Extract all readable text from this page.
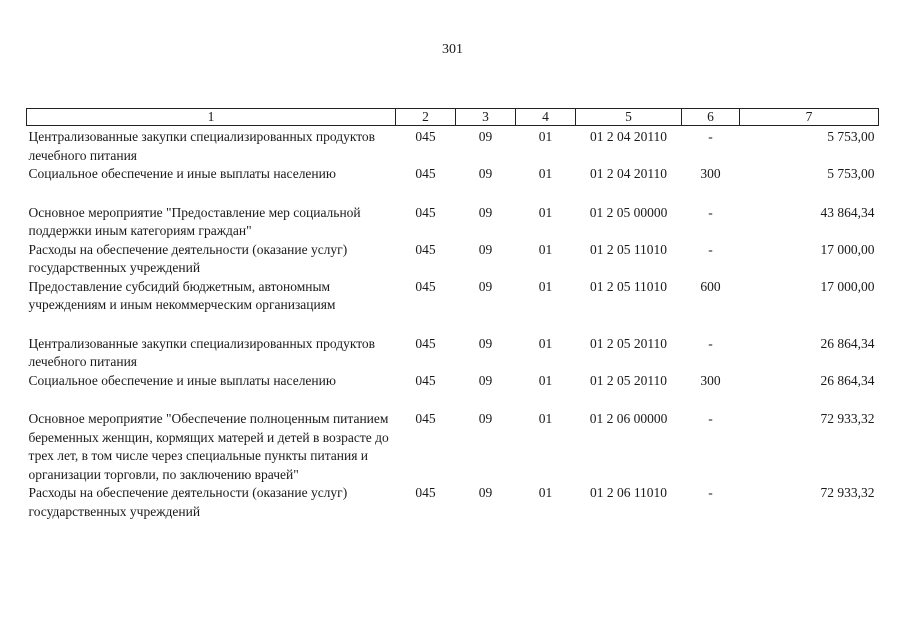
301
1	2	3	4	5	6	7
Централизованные закупки специализированных продуктов лечебного питания	045	09	01	01 2 04 20110	-	5 753,00
Социальное обеспечение и иные выплаты населению	045	09	01	01 2 04 20110	300	5 753,00
Основное мероприятие "Предоставление мер социальной поддержки иным категориям граждан"	045	09	01	01 2 05 00000	-	43 864,34
Расходы на обеспечение деятельности (оказание услуг) государственных учреждений	045	09	01	01 2 05 11010	-	17 000,00
Предоставление субсидий бюджетным, автономным учреждениям и иным некоммерческим организациям	045	09	01	01 2 05 11010	600	17 000,00
Централизованные закупки специализированных продуктов лечебного питания	045	09	01	01 2 05 20110	-	26 864,34
Социальное обеспечение и иные выплаты населению	045	09	01	01 2 05 20110	300	26 864,34
Основное мероприятие "Обеспечение полноценным питанием беременных женщин, кормящих матерей и детей в возрасте до трех лет, в том числе через специальные пункты питания и организации торговли, по заключению врачей"	045	09	01	01 2 06 00000	-	72 933,32
Расходы на обеспечение деятельности (оказание услуг) государственных учреждений	045	09	01	01 2 06 11010	-	72 933,32
